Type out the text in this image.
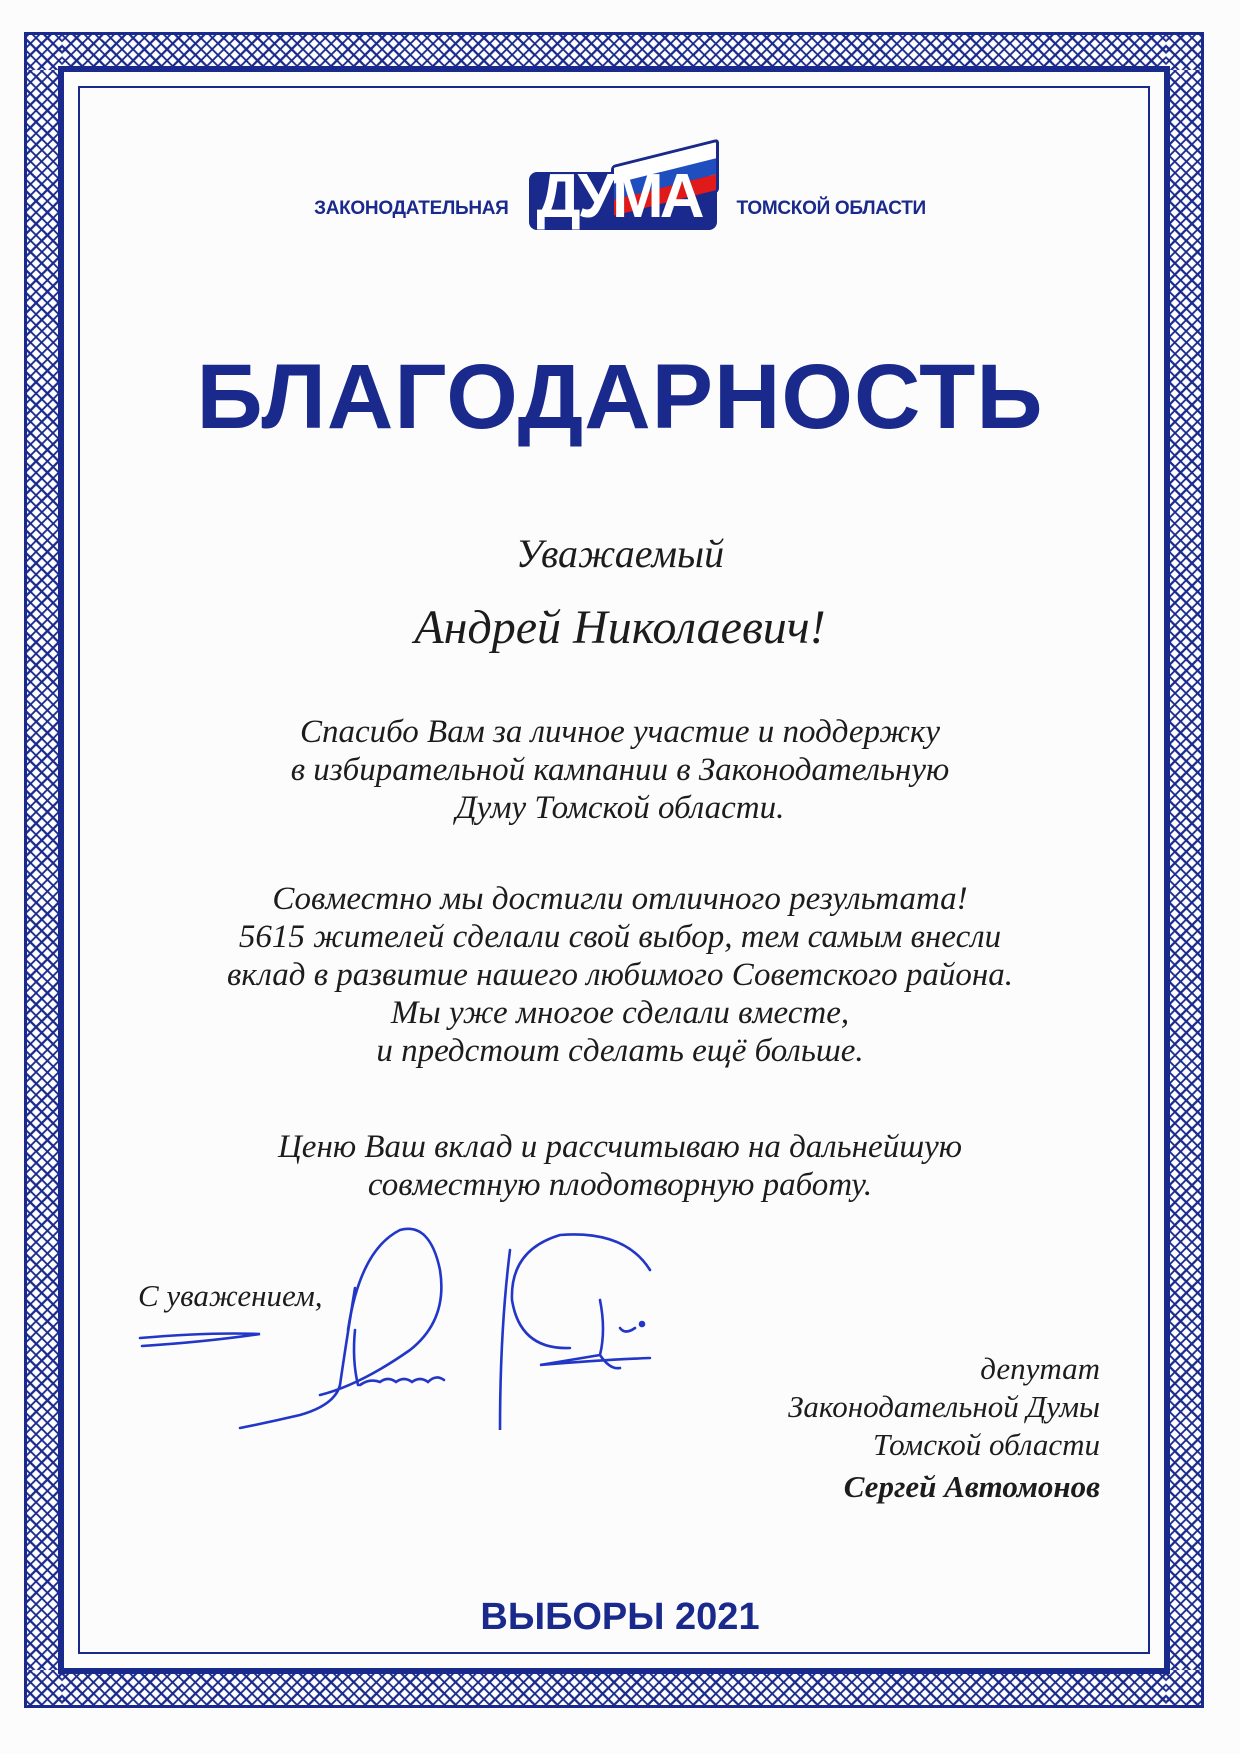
ЗАКОНОДАТЕЛЬНАЯ ДУМА ТОМСКОЙ ОБЛАСТИ
БЛАГОДАРНОСТЬ
Уважаемый
Андрей Николаевич!
Спасибо Вам за личное участие и поддержку
в избирательной кампании в Законодательную
Думу Томской области.
Совместно мы достигли отличного результата!
5615 жителей сделали свой выбор, тем самым внесли
вклад в развитие нашего любимого Советского района.
Мы уже многое сделали вместе,
и предстоит сделать ещё больше.
Ценю Ваш вклад и рассчитываю на дальнейшую
совместную плодотворную работу.
С уважением,
депутат
Законодательной Думы
Томской области
Сергей Автомонов
ВЫБОРЫ 2021
